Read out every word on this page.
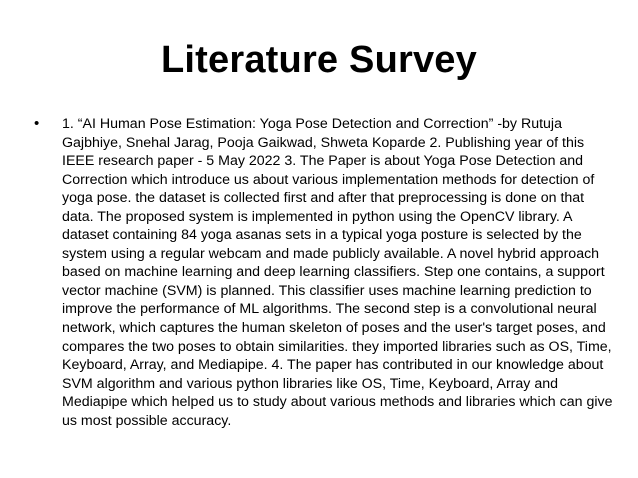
Literature Survey
• 1. “AI Human Pose Estimation: Yoga Pose Detection and Correction” -by Rutuja Gajbhiye, Snehal Jarag, Pooja Gaikwad, Shweta Koparde 2. Publishing year of this IEEE research paper - 5 May 2022 3. The Paper is about Yoga Pose Detection and Correction which introduce us about various implementation methods for detection of yoga pose. the dataset is collected first and after that preprocessing is done on that data. The proposed system is implemented in python using the OpenCV library. A dataset containing 84 yoga asanas sets in a typical yoga posture is selected by the system using a regular webcam and made publicly available. A novel hybrid approach based on machine learning and deep learning classifiers. Step one contains, a support vector machine (SVM) is planned. This classifier uses machine learning prediction to improve the performance of ML algorithms. The second step is a convolutional neural network, which captures the human skeleton of poses and the user's target poses, and compares the two poses to obtain similarities. they imported libraries such as OS, Time, Keyboard, Array, and Mediapipe. 4. The paper has contributed in our knowledge about SVM algorithm and various python libraries like OS, Time, Keyboard, Array and Mediapipe which helped us to study about various methods and libraries which can give us most possible accuracy.
